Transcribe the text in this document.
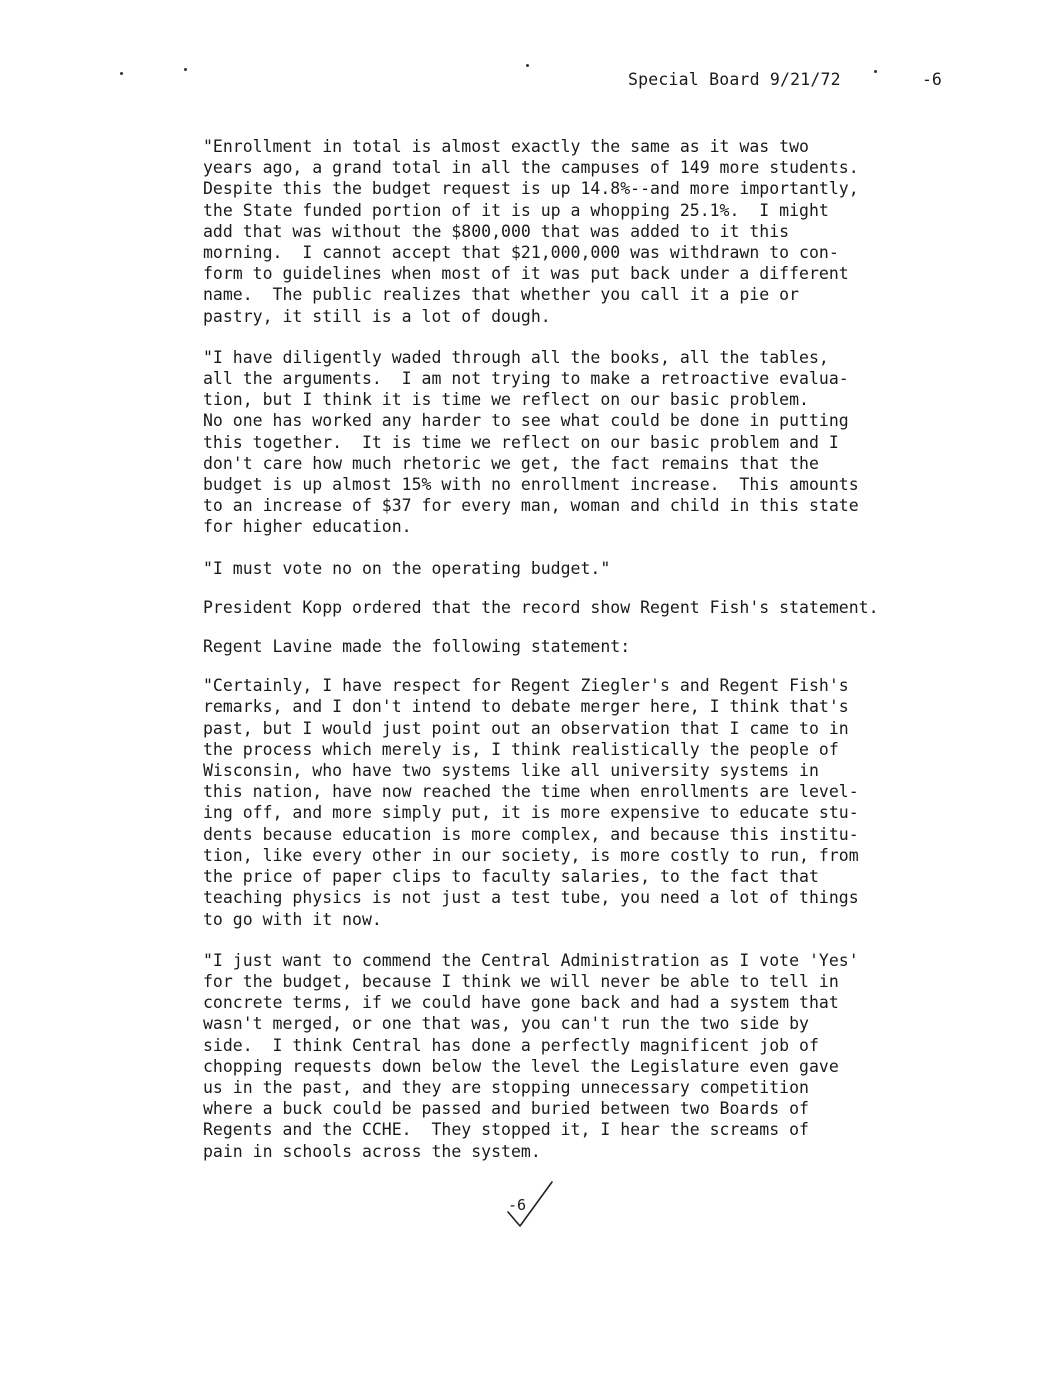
Special Board 9/21/72	-6
"Enrollment in total is almost exactly the same as it was two
years ago, a grand total in all the campuses of 149 more students.
Despite this the budget request is up 14.8%--and more importantly,
the State funded portion of it is up a whopping 25.1%.  I might
add that was without the $800,000 that was added to it this
morning.  I cannot accept that $21,000,000 was withdrawn to con-
form to guidelines when most of it was put back under a different
name.  The public realizes that whether you call it a pie or
pastry, it still is a lot of dough.
"I have diligently waded through all the books, all the tables,
all the arguments.  I am not trying to make a retroactive evalua-
tion, but I think it is time we reflect on our basic problem.
No one has worked any harder to see what could be done in putting
this together.  It is time we reflect on our basic problem and I
don't care how much rhetoric we get, the fact remains that the
budget is up almost 15% with no enrollment increase.  This amounts
to an increase of $37 for every man, woman and child in this state
for higher education.
"I must vote no on the operating budget."
President Kopp ordered that the record show Regent Fish's statement.
Regent Lavine made the following statement:
"Certainly, I have respect for Regent Ziegler's and Regent Fish's
remarks, and I don't intend to debate merger here, I think that's
past, but I would just point out an observation that I came to in
the process which merely is, I think realistically the people of
Wisconsin, who have two systems like all university systems in
this nation, have now reached the time when enrollments are level-
ing off, and more simply put, it is more expensive to educate stu-
dents because education is more complex, and because this institu-
tion, like every other in our society, is more costly to run, from
the price of paper clips to faculty salaries, to the fact that
teaching physics is not just a test tube, you need a lot of things
to go with it now.
"I just want to commend the Central Administration as I vote 'Yes'
for the budget, because I think we will never be able to tell in
concrete terms, if we could have gone back and had a system that
wasn't merged, or one that was, you can't run the two side by
side.  I think Central has done a perfectly magnificent job of
chopping requests down below the level the Legislature even gave
us in the past, and they are stopping unnecessary competition
where a buck could be passed and buried between two Boards of
Regents and the CCHE.  They stopped it, I hear the screams of
pain in schools across the system.
-6
